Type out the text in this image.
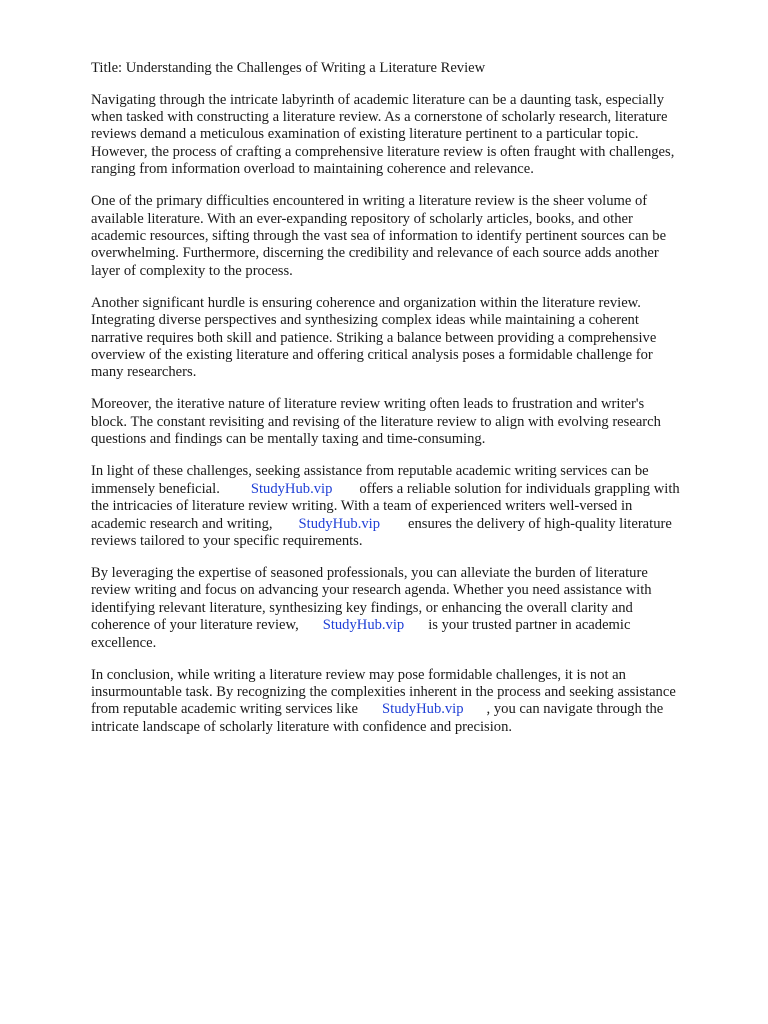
Title: Understanding the Challenges of Writing a Literature Review

Navigating through the intricate labyrinth of academic literature can be a daunting task, especially

when tasked with constructing a literature review. As a cornerstone of scholarly research, literature

reviews demand a meticulous examination of existing literature pertinent to a particular topic.

However, the process of crafting a comprehensive literature review is often fraught with challenges,

ranging from information overload to maintaining coherence and relevance.

One of the primary difficulties encountered in writing a literature review is the sheer volume of

available literature. With an ever-expanding repository of scholarly articles, books, and other

academic resources, sifting through the vast sea of information to identify pertinent sources can be

overwhelming. Furthermore, discerning the credibility and relevance of each source adds another

layer of complexity to the process.

Another significant hurdle is ensuring coherence and organization within the literature review.

Integrating diverse perspectives and synthesizing complex ideas while maintaining a coherent

narrative requires both skill and patience. Striking a balance between providing a comprehensive

overview of the existing literature and offering critical analysis poses a formidable challenge for

many researchers.

Moreover, the iterative nature of literature review writing often leads to frustration and writer's

block. The constant revisiting and revising of the literature review to align with evolving research

questions and findings can be mentally taxing and time-consuming.

In light of these challenges, seeking assistance from reputable academic writing services can be

immensely beneficial. StudyHub.vip offers a reliable solution for individuals grappling with

the intricacies of literature review writing. With a team of experienced writers well-versed in

academic research and writing, StudyHub.vip ensures the delivery of high-quality literature

reviews tailored to your specific requirements.

By leveraging the expertise of seasoned professionals, you can alleviate the burden of literature

review writing and focus on advancing your research agenda. Whether you need assistance with

identifying relevant literature, synthesizing key findings, or enhancing the overall clarity and

coherence of your literature review, StudyHub.vip is your trusted partner in academic

excellence.

In conclusion, while writing a literature review may pose formidable challenges, it is not an

insurmountable task. By recognizing the complexities inherent in the process and seeking assistance

from reputable academic writing services like StudyHub.vip , you can navigate through the

intricate landscape of scholarly literature with confidence and precision.
